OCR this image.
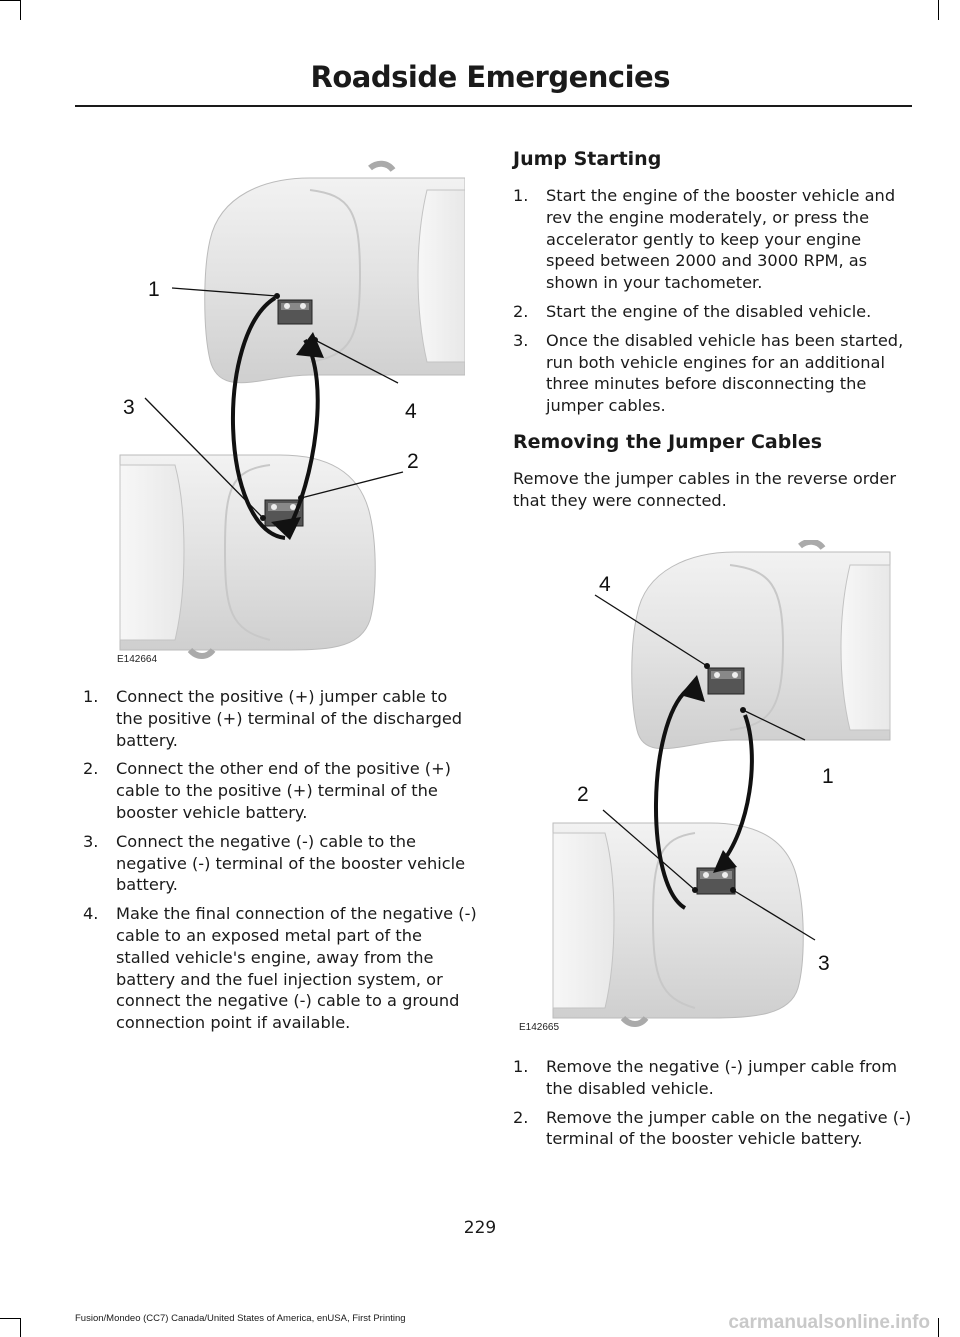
Roadside Emergencies
1
2
3	4
E142664
1. Connect the positive (+) jumper cable to the positive (+) terminal of the discharged battery.
2. Connect the other end of the positive (+) cable to the positive (+) terminal of the booster vehicle battery.
3. Connect the negative (-) cable to the negative (-) terminal of the booster vehicle battery.
4. Make the final connection of the negative (-) cable to an exposed metal part of the stalled vehicle's engine, away from the battery and the fuel injection system, or connect the negative (-) cable to a ground connection point if available.
Jump Starting
1. Start the engine of the booster vehicle and rev the engine moderately, or press the accelerator gently to keep your engine speed between 2000 and 3000 RPM, as shown in your tachometer.
2. Start the engine of the disabled vehicle.
3. Once the disabled vehicle has been started, run both vehicle engines for an additional three minutes before disconnecting the jumper cables.
Removing the Jumper Cables
Remove the jumper cables in the reverse order that they were connected.
4
1
2
3
E142665
1. Remove the negative (-) jumper cable from the disabled vehicle.
2. Remove the jumper cable on the negative (-) terminal of the booster vehicle battery.
229
Fusion/Mondeo (CC7) Canada/United States of America, enUSA, First Printing	carmanualsonline.info
